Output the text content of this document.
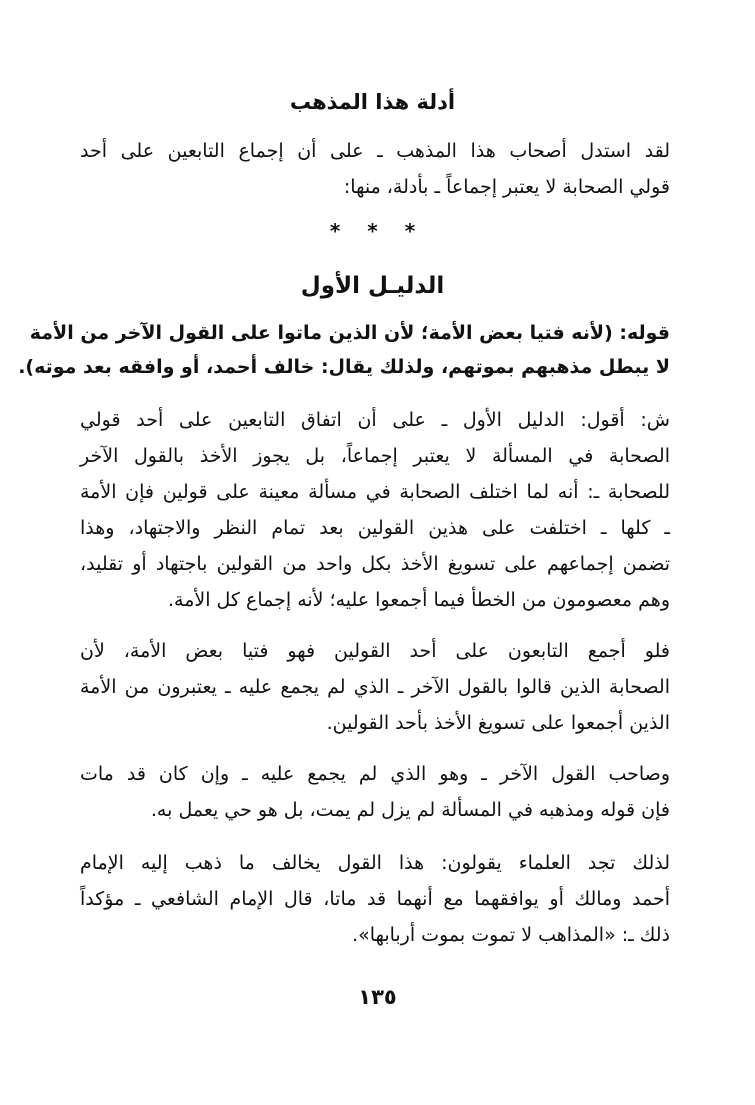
أدلة هذا المذهب
لقد استدل أصحاب هذا المذهب ـ على أن إجماع التابعين على أحد
قولي الصحابة لا يعتبر إجماعاً ـ بأدلة، منها:
* * *
الدليـل الأول
قوله: (لأنه فتيا بعض الأمة؛ لأن الذين ماتوا على القول الآخر من الأمة
لا يبطل مذهبهم بموتهم، ولذلك يقال: خالف أحمد، أو وافقه بعد موته).
ش: أقول: الدليل الأول ـ على أن اتفاق التابعين على أحد قولي
الصحابة في المسألة لا يعتبر إجماعاً، بل يجوز الأخذ بالقول الآخر
للصحابة ـ: أنه لما اختلف الصحابة في مسألة معينة على قولين فإن الأمة
ـ كلها ـ اختلفت على هذين القولين بعد تمام النظر والاجتهاد، وهذا
تضمن إجماعهم على تسويغ الأخذ بكل واحد من القولين باجتهاد أو تقليد،
وهم معصومون من الخطأ فيما أجمعوا عليه؛ لأنه إجماع كل الأمة.
فلو أجمع التابعون على أحد القولين فهو فتيا بعض الأمة، لأن
الصحابة الذين قالوا بالقول الآخر ـ الذي لم يجمع عليه ـ يعتبرون من الأمة
الذين أجمعوا على تسويغ الأخذ بأحد القولين.
وصاحب القول الآخر ـ وهو الذي لم يجمع عليه ـ وإن كان قد مات
فإن قوله ومذهبه في المسألة لم يزل لم يمت، بل هو حي يعمل به.
لذلك تجد العلماء يقولون: هذا القول يخالف ما ذهب إليه الإمام
أحمد ومالك أو يوافقهما مع أنهما قد ماتا، قال الإمام الشافعي ـ مؤكداً
ذلك ـ: «المذاهب لا تموت بموت أربابها».
١٣٥
